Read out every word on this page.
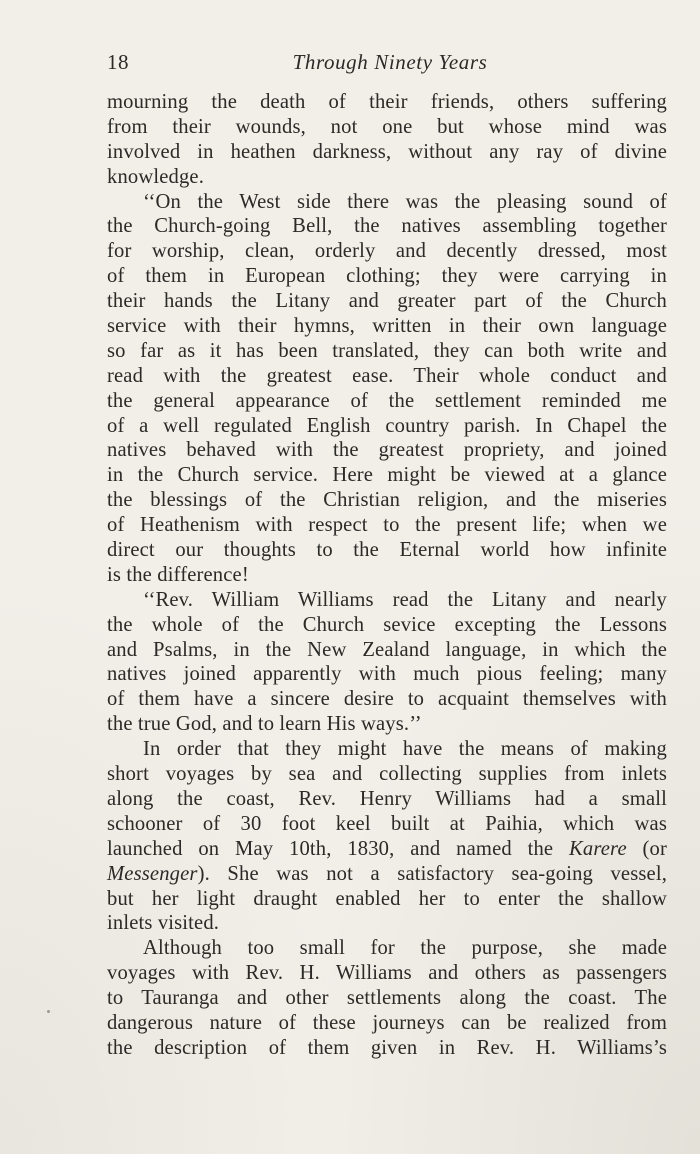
18	Through Ninety Years
mourning the death of their friends, others suffering
from their wounds, not one but whose mind was
involved in heathen darkness, without any ray of divine
knowledge.
‘‘On the West side there was the pleasing sound of
the Church-going Bell, the natives assembling together
for worship, clean, orderly and decently dressed, most
of them in European clothing; they were carrying in
their hands the Litany and greater part of the Church
service with their hymns, written in their own language
so far as it has been translated, they can both write and
read with the greatest ease. Their whole conduct and
the general appearance of the settlement reminded me
of a well regulated English country parish. In Chapel the
natives behaved with the greatest propriety, and joined
in the Church service. Here might be viewed at a glance
the blessings of the Christian religion, and the miseries
of Heathenism with respect to the present life; when we
direct our thoughts to the Eternal world how infinite
is the difference!
‘‘Rev. William Williams read the Litany and nearly
the whole of the Church sevice excepting the Lessons
and Psalms, in the New Zealand language, in which the
natives joined apparently with much pious feeling; many
of them have a sincere desire to acquaint themselves with
the true God, and to learn His ways.’’
In order that they might have the means of making
short voyages by sea and collecting supplies from inlets
along the coast, Rev. Henry Williams had a small
schooner of 30 foot keel built at Paihia, which was
launched on May 10th, 1830, and named the Karere (or
Messenger). She was not a satisfactory sea-going vessel,
but her light draught enabled her to enter the shallow
inlets visited.
Although too small for the purpose, she made
voyages with Rev. H. Williams and others as passengers
to Tauranga and other settlements along the coast. The
dangerous nature of these journeys can be realized from
the description of them given in Rev. H. Williams’s
